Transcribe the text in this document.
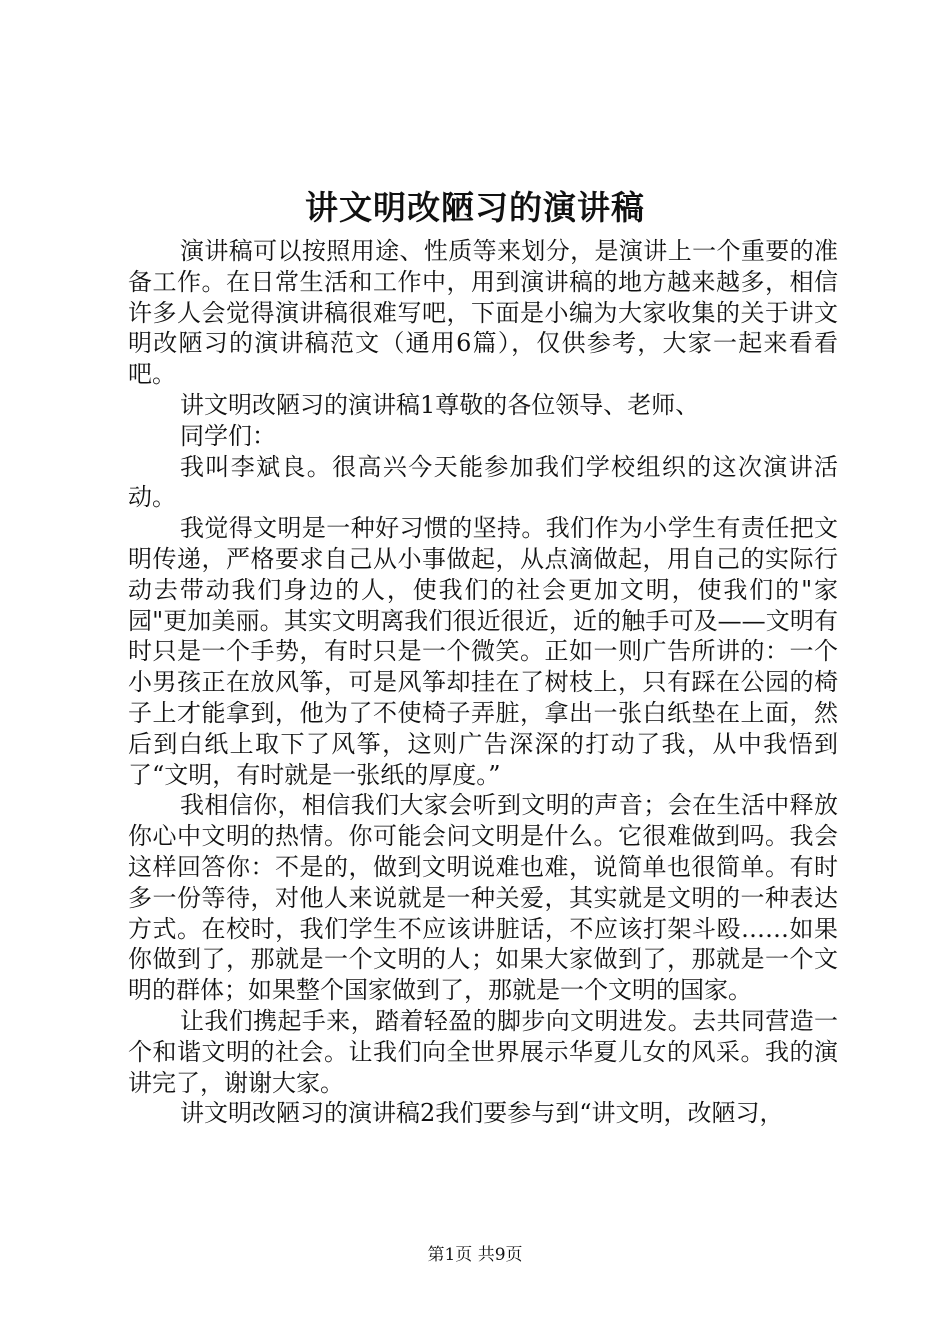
讲文明改陋习的演讲稿

演讲稿可以按照用途、性质等来划分，是演讲上一个重要的准备工作。在日常生活和工作中，用到演讲稿的地方越来越多，相信许多人会觉得演讲稿很难写吧，下面是小编为大家收集的关于讲文明改陋习的演讲稿范文（通用6篇），仅供参考，大家一起来看看吧。

讲文明改陋习的演讲稿1尊敬的各位领导、老师、

同学们：

我叫李斌良。很高兴今天能参加我们学校组织的这次演讲活动。

我觉得文明是一种好习惯的坚持。我们作为小学生有责任把文明传递，严格要求自己从小事做起，从点滴做起，用自己的实际行动去带动我们身边的人，使我们的社会更加文明，使我们的"家园"更加美丽。其实文明离我们很近很近，近的触手可及——文明有时只是一个手势，有时只是一个微笑。正如一则广告所讲的：一个小男孩正在放风筝，可是风筝却挂在了树枝上，只有踩在公园的椅子上才能拿到，他为了不使椅子弄脏，拿出一张白纸垫在上面，然后到白纸上取下了风筝，这则广告深深的打动了我，从中我悟到了“文明，有时就是一张纸的厚度。”

我相信你，相信我们大家会听到文明的声音；会在生活中释放你心中文明的热情。你可能会问文明是什么。它很难做到吗。我会这样回答你：不是的，做到文明说难也难，说简单也很简单。有时多一份等待，对他人来说就是一种关爱，其实就是文明的一种表达方式。在校时，我们学生不应该讲脏话，不应该打架斗殴……如果你做到了，那就是一个文明的人；如果大家做到了，那就是一个文明的群体；如果整个国家做到了，那就是一个文明的国家。

让我们携起手来，踏着轻盈的脚步向文明进发。去共同营造一个和谐文明的社会。让我们向全世界展示华夏儿女的风采。我的演讲完了，谢谢大家。

讲文明改陋习的演讲稿2我们要参与到“讲文明，改陋习，

第1页 共9页
